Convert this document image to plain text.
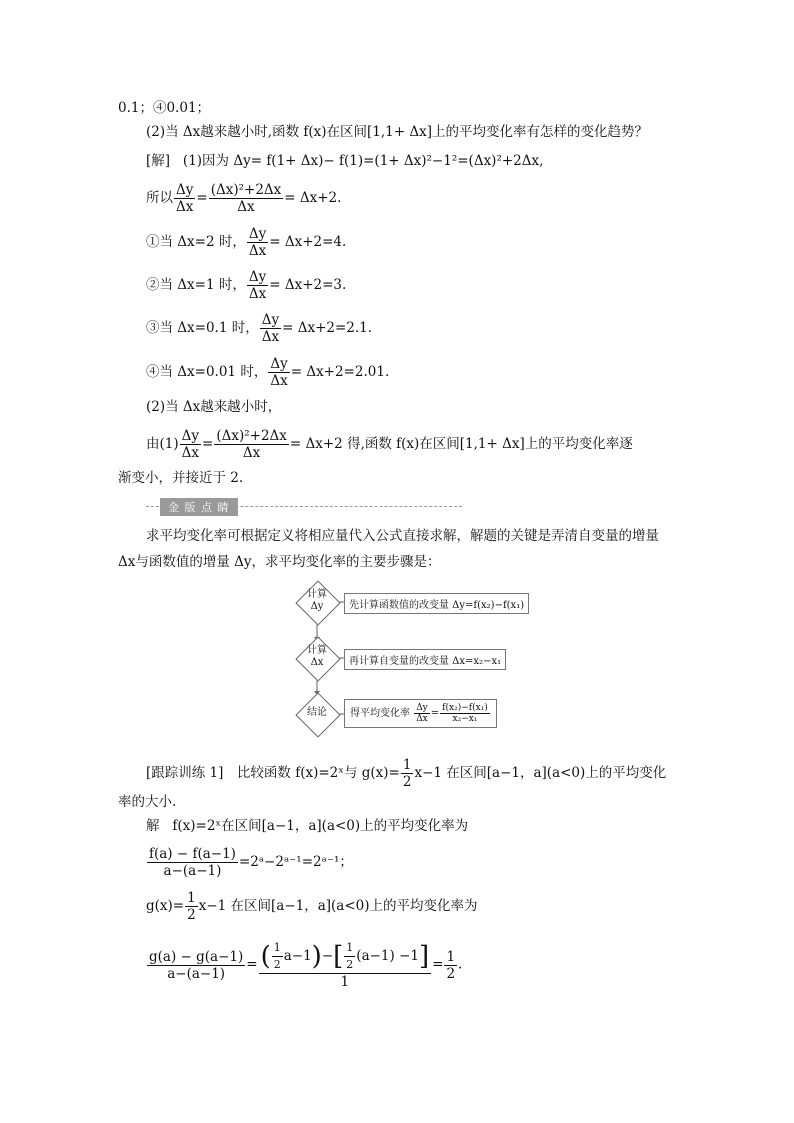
0.1；④0.01；
(2)当 Δx越来越小时,函数 f(x)在区间[1,1+ Δx]上的平均变化率有怎样的变化趋势？
[解] (1)因为 Δy= f(1+ Δx)− f(1)=(1+ Δx)²−1²=(Δx)²+2Δx,
所以 $\frac{\Delta y}{\Delta x} = \frac{\text{(Δx)²+2Δx}}{\Delta x} = \Delta x+2$.
①当 Δx=2 时， $\frac{\Delta y}{\Delta x} = \Delta x+2=4$.
②当 Δx=1 时， $\frac{\Delta y}{\Delta x} = \Delta x+2=3$.
③当 Δx=0.1 时， $\frac{\Delta y}{\Delta x} = \Delta x+2=2.1$.
④当 Δx=0.01 时， $\frac{\Delta y}{\Delta x} = \Delta x+2=2.01$.
(2)当 Δx越来越小时，
由$(1) \frac{\Delta y}{\Delta x} = \frac{\text{(Δx)²+2Δx}}{\Delta x} = \Delta x+2$ 得,函数 f(x)在区间[1,1+ Δx]上的平均变化率逐
渐变小，并接近于 2.
金 版 点 睛
求平均变化率可根据定义将相应量代入公式直接求解，解题的关键是弄清自变量的增量
Δx与函数值的增量 Δy，求平均变化率的主要步骤是：
计算
Δy	先计算函数值的改变量 Δy=f(x₂)−f(x₁)
计算
Δx	再计算自变量的改变量 Δx=x₂−x₁
结论	得平均变化率 $\frac{\Delta y}{\Delta x} = \frac{\text{f(x₂)−f(x₁)}}{\text{x₂−x₁}}$
[跟踪训练 1]　比较函数 f(x)=2ˣ与 $g(x)= \frac{1}{2} x-1$ 在区间[a−1，a](a<0)上的平均变化
率的大小.
解 f(x)=2ˣ在区间[a−1，a](a<0)上的平均变化率为
$\frac{f(a) - f(a-1)}{a-(a-1)}$ =2ᵃ−2ᵃ⁻¹=2ᵃ⁻¹；
$g(x)= \frac{1}{2} x-1$ 在区间[a−1，a](a<0)上的平均变化率为
$\frac{g(a) - g(a-1)}{a-(a-1)} = \frac{( \frac{1}{2} a-1)-[ \frac{1}{2} (a-1) -1]}{1} = \frac{1}{2}$ .
